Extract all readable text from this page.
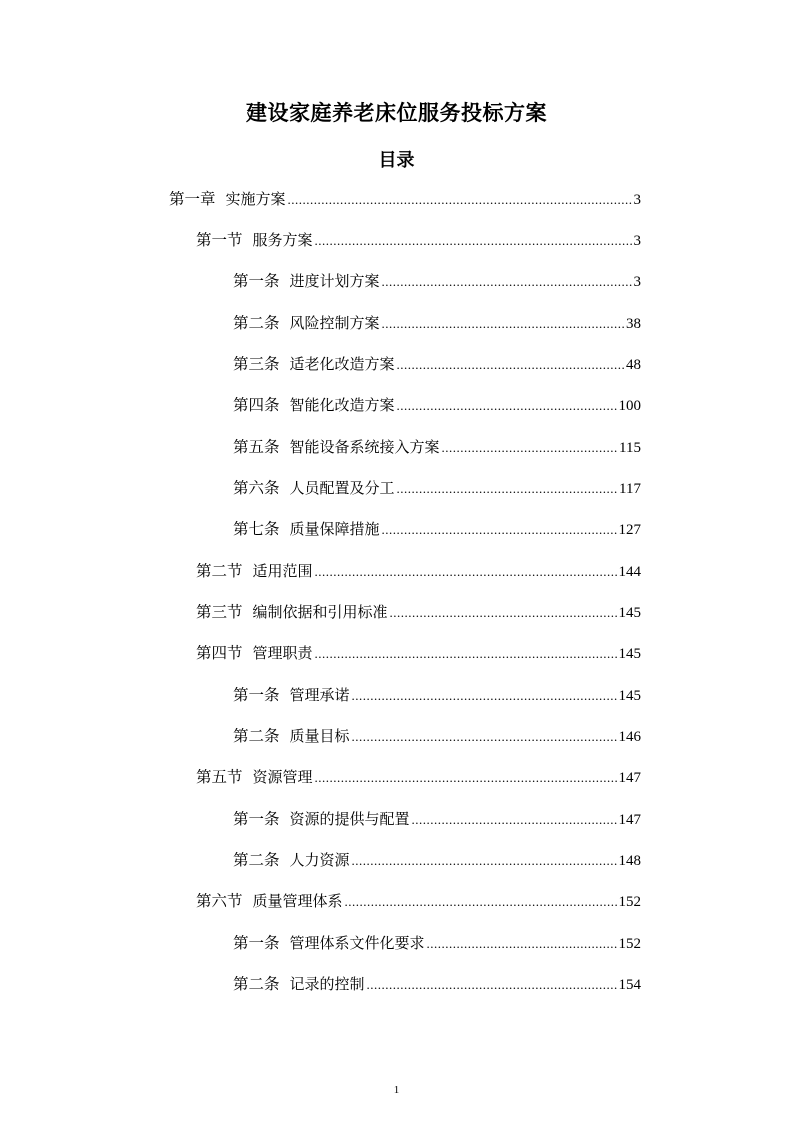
建设家庭养老床位服务投标方案
目录
第一章 实施方案 .....	3
第一节 服务方案 .....	3
第一条 进度计划方案 .....	3
第二条 风险控制方案 .....	38
第三条 适老化改造方案 .....	48
第四条 智能化改造方案 .....	100
第五条 智能设备系统接入方案 .....	115
第六条 人员配置及分工 .....	117
第七条 质量保障措施 .....	127
第二节 适用范围 .....	144
第三节 编制依据和引用标准 .....	145
第四节 管理职责 .....	145
第一条 管理承诺 .....	145
第二条 质量目标 .....	146
第五节 资源管理 .....	147
第一条 资源的提供与配置 .....	147
第二条 人力资源 .....	148
第六节 质量管理体系 .....	152
第一条 管理体系文件化要求 .....	152
第二条 记录的控制 .....	154
1
